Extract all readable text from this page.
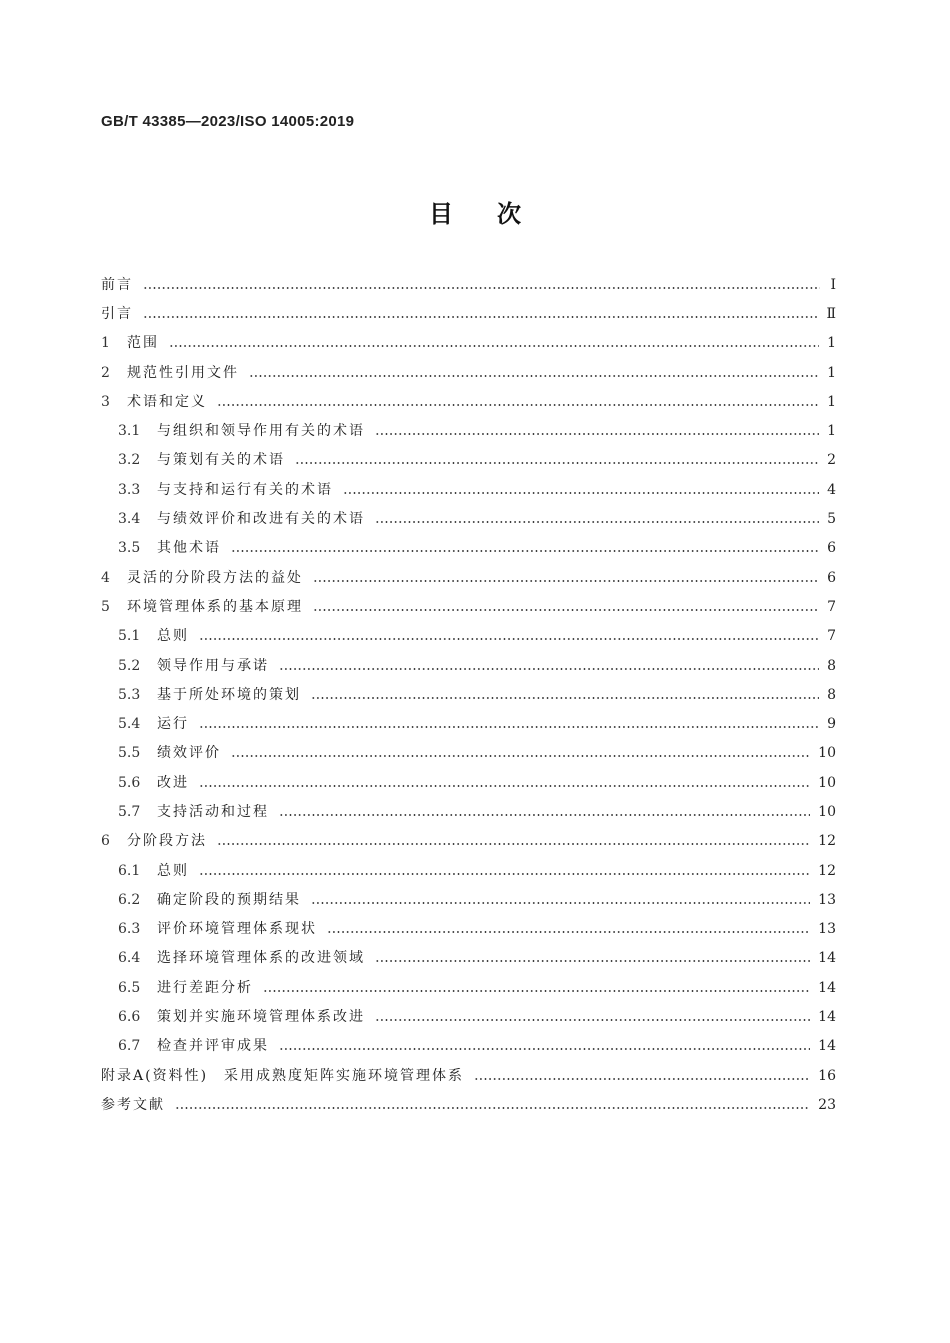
GB/T 43385—2023/ISO 14005:2019
目次
前言	Ⅰ
引言	Ⅱ
1	范围	1
2	规范性引用文件	1
3	术语和定义	1
3.1	与组织和领导作用有关的术语	1
3.2	与策划有关的术语	2
3.3	与支持和运行有关的术语	4
3.4	与绩效评价和改进有关的术语	5
3.5	其他术语	6
4	灵活的分阶段方法的益处	6
5	环境管理体系的基本原理	7
5.1	总则	7
5.2	领导作用与承诺	8
5.3	基于所处环境的策划	8
5.4	运行	9
5.5	绩效评价	10
5.6	改进	10
5.7	支持活动和过程	10
6	分阶段方法	12
6.1	总则	12
6.2	确定阶段的预期结果	13
6.3	评价环境管理体系现状	13
6.4	选择环境管理体系的改进领域	14
6.5	进行差距分析	14
6.6	策划并实施环境管理体系改进	14
6.7	检查并评审成果	14
附录A(资料性)　采用成熟度矩阵实施环境管理体系	16
参考文献	23
